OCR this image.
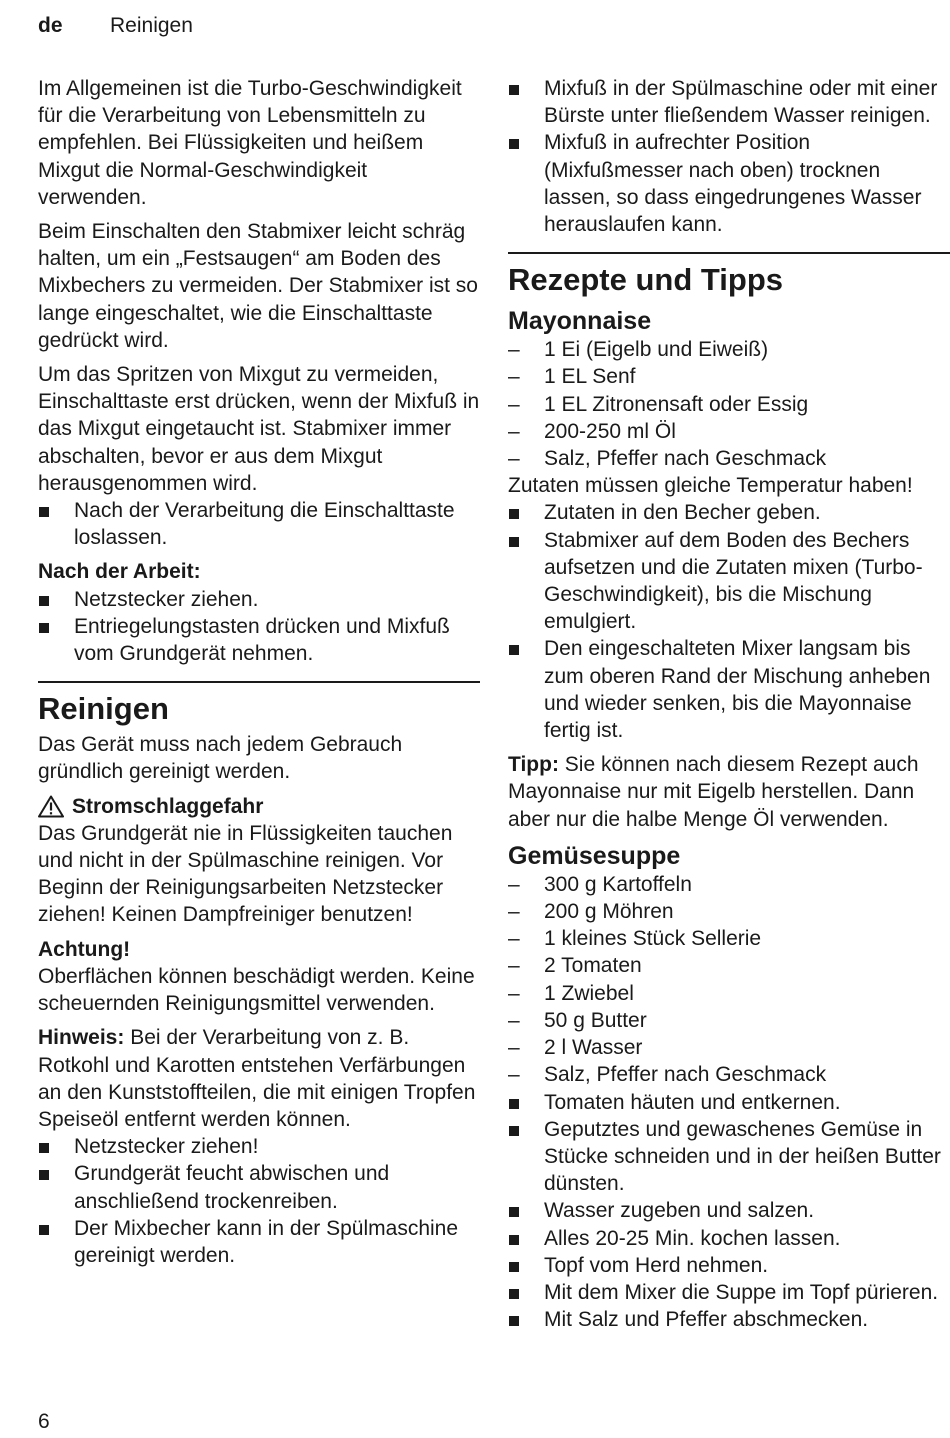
de Reinigen

Im Allgemeinen ist die Turbo-Geschwindigkeit für die Verarbeitung von Lebensmitteln zu empfehlen. Bei Flüssigkeiten und heißem Mixgut die Normal-Geschwindigkeit verwenden.

Beim Einschalten den Stabmixer leicht schräg halten, um ein „Festsaugen“ am Boden des Mixbechers zu vermeiden. Der Stabmixer ist so lange eingeschaltet, wie die Einschalttaste gedrückt wird.

Um das Spritzen von Mixgut zu vermeiden, Einschalttaste erst drücken, wenn der Mixfuß in das Mixgut eingetaucht ist. Stabmixer immer abschalten, bevor er aus dem Mixgut herausgenommen wird.

Nach der Verarbeitung die Einschalttaste loslassen.
Nach der Arbeit:
Netzstecker ziehen.
Entriegelungstasten drücken und Mixfuß vom Grundgerät nehmen.
Reinigen

Das Gerät muss nach jedem Gebrauch gründlich gereinigt werden.

Stromschlaggefahr

Das Grundgerät nie in Flüssigkeiten tauchen und nicht in der Spülmaschine reinigen. Vor Beginn der Reinigungsarbeiten Netzstecker ziehen! Keinen Dampfreiniger benutzen!

Achtung!

Oberflächen können beschädigt werden. Keine scheuernden Reinigungsmittel verwenden.

Hinweis: Bei der Verarbeitung von z. B. Rotkohl und Karotten entstehen Verfärbungen an den Kunststoffteilen, die mit einigen Tropfen Speiseöl entfernt werden können.

Netzstecker ziehen!
Grundgerät feucht abwischen und anschließend trockenreiben.
Der Mixbecher kann in der Spülmaschine gereinigt werden.
Mixfuß in der Spülmaschine oder mit einer Bürste unter fließendem Wasser reinigen.
Mixfuß in aufrechter Position (Mixfußmesser nach oben) trocknen lassen, so dass eingedrungenes Wasser herauslaufen kann.
Rezepte und Tipps
Mayonnaise
– 1 Ei (Eigelb und Eiweiß)
– 1 EL Senf
– 1 EL Zitronensaft oder Essig
– 200-250 ml Öl
– Salz, Pfeffer nach Geschmack

Zutaten müssen gleiche Temperatur haben!

Zutaten in den Becher geben.
Stabmixer auf dem Boden des Bechers aufsetzen und die Zutaten mixen (Turbo-Geschwindigkeit), bis die Mischung emulgiert.
Den eingeschalteten Mixer langsam bis zum oberen Rand der Mischung anheben und wieder senken, bis die Mayonnaise fertig ist.

Tipp: Sie können nach diesem Rezept auch Mayonnaise nur mit Eigelb herstellen. Dann aber nur die halbe Menge Öl verwenden.

Gemüsesuppe
– 300 g Kartoffeln
– 200 g Möhren
– 1 kleines Stück Sellerie
– 2 Tomaten
– 1 Zwiebel
– 50 g Butter
– 2 l Wasser
– Salz, Pfeffer nach Geschmack
Tomaten häuten und entkernen.
Geputztes und gewaschenes Gemüse in Stücke schneiden und in der heißen Butter dünsten.
Wasser zugeben und salzen.
Alles 20-25 Min. kochen lassen.
Topf vom Herd nehmen.
Mit dem Mixer die Suppe im Topf pürieren.
Mit Salz und Pfeffer abschmecken.
6
